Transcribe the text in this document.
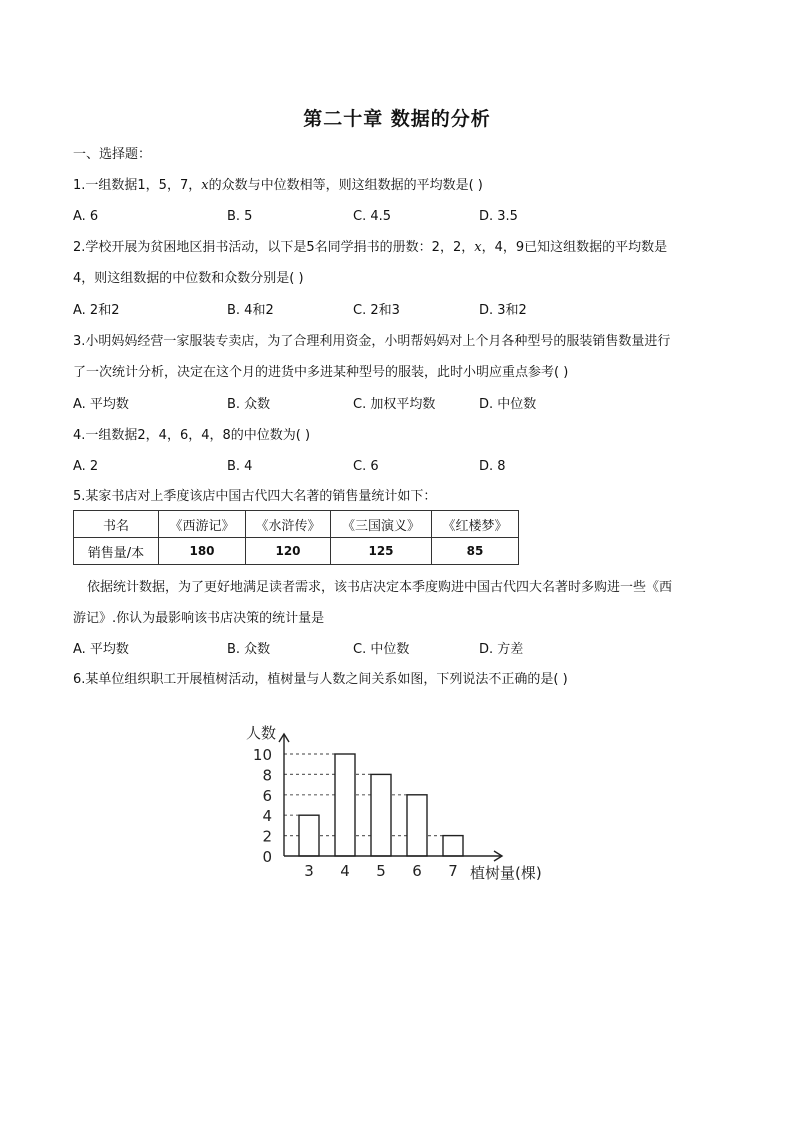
第二十章 数据的分析
一、选择题：
1.一组数据1，5，7，x的众数与中位数相等，则这组数据的平均数是( )
A. 6	B. 5	C. 4.5	D. 3.5
2.学校开展为贫困地区捐书活动，以下是5名同学捐书的册数：2，2，x，4，9已知这组数据的平均数是
4，则这组数据的中位数和众数分别是( )
A. 2和2	B. 4和2	C. 2和3	D. 3和2
3.小明妈妈经营一家服装专卖店，为了合理利用资金，小明帮妈妈对上个月各种型号的服装销售数量进行
了一次统计分析，决定在这个月的进货中多进某种型号的服装，此时小明应重点参考( )
A. 平均数	B. 众数	C. 加权平均数	D. 中位数
4.一组数据2，4，6，4，8的中位数为( )
A. 2	B. 4	C. 6	D. 8
5.某家书店对上季度该店中国古代四大名著的销售量统计如下：
书名	《西游记》	《水浒传》	《三国演义》	《红楼梦》
销售量/本	180	120	125	85
依据统计数据，为了更好地满足读者需求，该书店决定本季度购进中国古代四大名著时多购进一些《西
游记》.你认为最影响该书店决策的统计量是
A. 平均数	B. 众数	C. 中位数	D. 方差
6.某单位组织职工开展植树活动，植树量与人数之间关系如图，下列说法不正确的是( )
3 4 5 6 7
0
2
4
6
8
10
人数
植树量(棵)
